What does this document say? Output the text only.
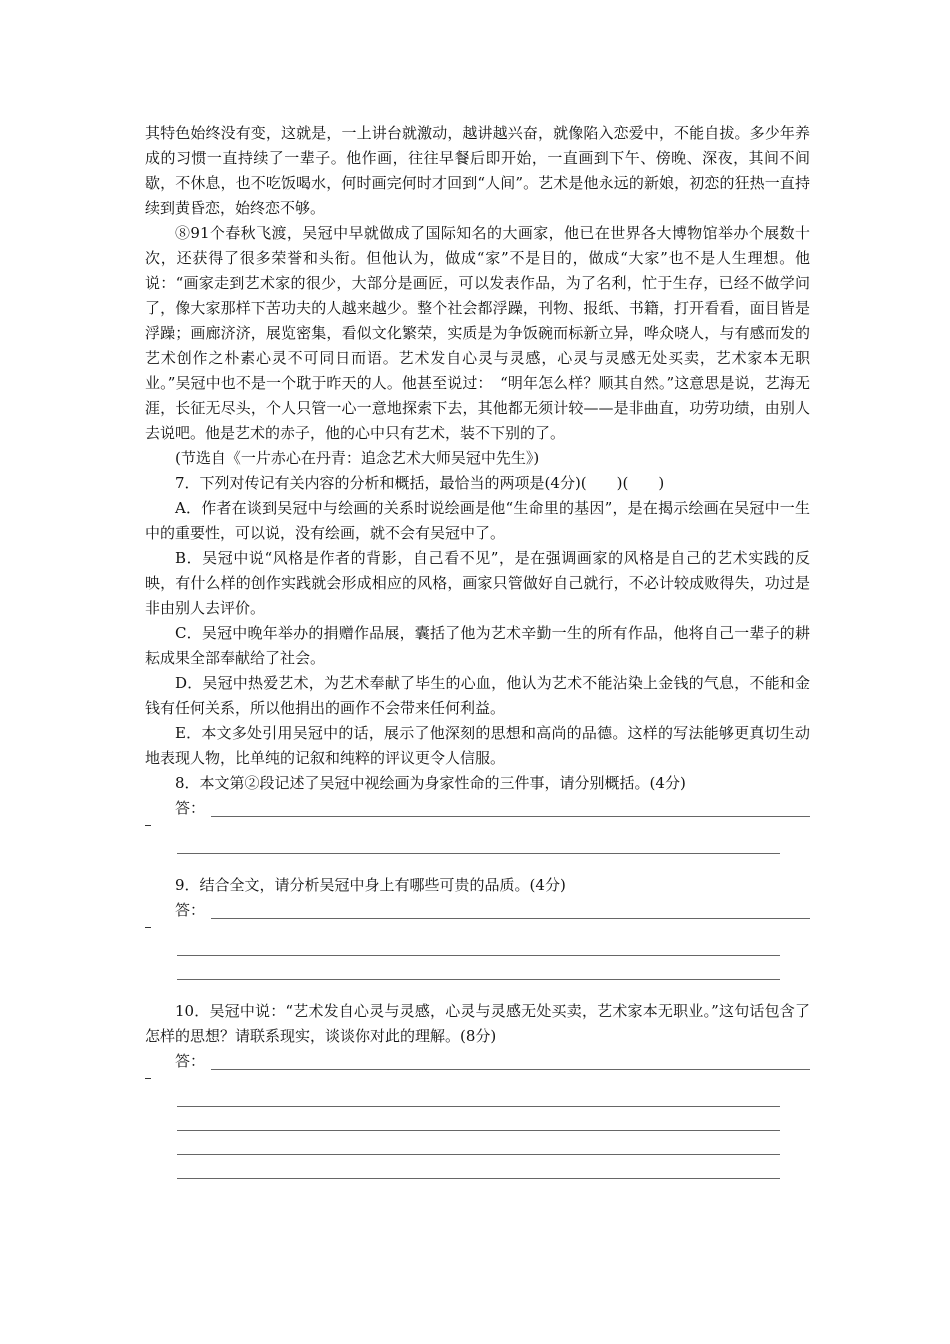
其特色始终没有变，这就是，一上讲台就激动，越讲越兴奋，就像陷入恋爱中，不能自拔。多少年养成的习惯一直持续了一辈子。他作画，往往早餐后即开始，一直画到下午、傍晚、深夜，其间不间歇，不休息，也不吃饭喝水，何时画完何时才回到“人间”。艺术是他永远的新娘，初恋的狂热一直持续到黄昏恋，始终恋不够。

⑧91个春秋飞渡，吴冠中早就做成了国际知名的大画家，他已在世界各大博物馆举办个展数十次，还获得了很多荣誉和头衔。但他认为，做成“家”不是目的，做成“大家”也不是人生理想。他说：“画家走到艺术家的很少，大部分是画匠，可以发表作品，为了名利，忙于生存，已经不做学问了，像大家那样下苦功夫的人越来越少。整个社会都浮躁，刊物、报纸、书籍，打开看看，面目皆是浮躁；画廊济济，展览密集，看似文化繁荣，实质是为争饭碗而标新立异，哗众哓人，与有感而发的艺术创作之朴素心灵不可同日而语。艺术发自心灵与灵感，心灵与灵感无处买卖，艺术家本无职业。”吴冠中也不是一个耽于昨天的人。他甚至说过：　“明年怎么样？顺其自然。”这意思是说，艺海无涯，长征无尽头，个人只管一心一意地探索下去，其他都无须计较——是非曲直，功劳功绩，由别人去说吧。他是艺术的赤子，他的心中只有艺术，装不下别的了。

(节选自《一片赤心在丹青：追念艺术大师吴冠中先生》)

7．下列对传记有关内容的分析和概括，最恰当的两项是(4分)(　　)(　　)

A．作者在谈到吴冠中与绘画的关系时说绘画是他“生命里的基因”，是在揭示绘画在吴冠中一生中的重要性，可以说，没有绘画，就不会有吴冠中了。

B．吴冠中说“风格是作者的背影，自己看不见”，是在强调画家的风格是自己的艺术实践的反映，有什么样的创作实践就会形成相应的风格，画家只管做好自己就行，不必计较成败得失，功过是非由别人去评价。

C．吴冠中晚年举办的捐赠作品展，囊括了他为艺术辛勤一生的所有作品，他将自己一辈子的耕耘成果全部奉献给了社会。

D．吴冠中热爱艺术，为艺术奉献了毕生的心血，他认为艺术不能沾染上金钱的气息，不能和金钱有任何关系，所以他捐出的画作不会带来任何利益。

E．本文多处引用吴冠中的话，展示了他深刻的思想和高尚的品德。这样的写法能够更真切生动地表现人物，比单纯的记叙和纯粹的评议更令人信服。

8．本文第②段记述了吴冠中视绘画为身家性命的三件事，请分别概括。(4分)

答：

9．结合全文，请分析吴冠中身上有哪些可贵的品质。(4分)

答：

10．吴冠中说：“艺术发自心灵与灵感，心灵与灵感无处买卖，艺术家本无职业。”这句话包含了怎样的思想？请联系现实，谈谈你对此的理解。(8分)

答：
